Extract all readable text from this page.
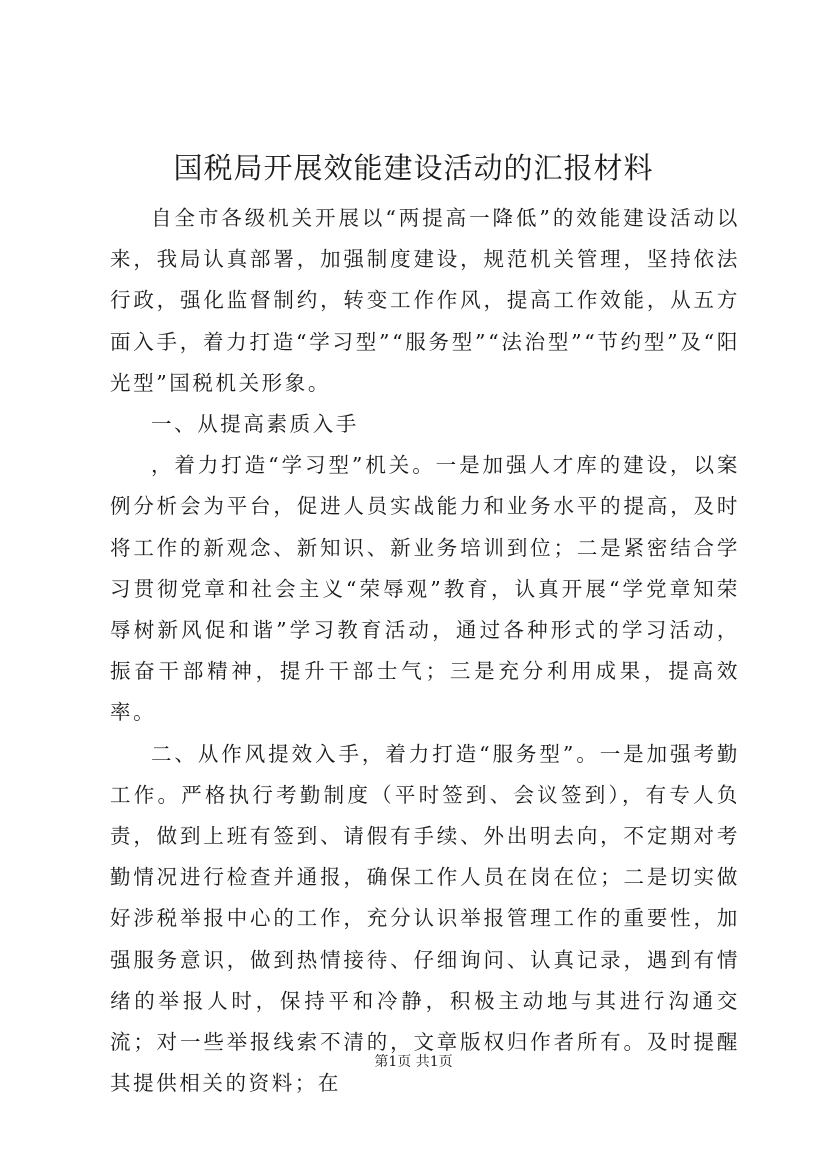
国税局开展效能建设活动的汇报材料

自全市各级机关开展以“两提高一降低”的效能建设活动以来，我局认真部署，加强制度建设，规范机关管理，坚持依法行政，强化监督制约，转变工作作风，提高工作效能，从五方面入手，着力打造“学习型”“服务型”“法治型”“节约型”及“阳光型”国税机关形象。

一、从提高素质入手

，着力打造“学习型”机关。一是加强人才库的建设，以案例分析会为平台，促进人员实战能力和业务水平的提高，及时将工作的新观念、新知识、新业务培训到位；二是紧密结合学习贯彻党章和社会主义“荣辱观”教育，认真开展“学党章知荣辱树新风促和谐”学习教育活动，通过各种形式的学习活动，振奋干部精神，提升干部士气；三是充分利用成果，提高效率。

二、从作风提效入手，着力打造“服务型”。一是加强考勤工作。严格执行考勤制度（平时签到、会议签到），有专人负责，做到上班有签到、请假有手续、外出明去向，不定期对考勤情况进行检查并通报，确保工作人员在岗在位；二是切实做好涉税举报中心的工作，充分认识举报管理工作的重要性，加强服务意识，做到热情接待、仔细询问、认真记录，遇到有情绪的举报人时，保持平和冷静，积极主动地与其进行沟通交流；对一些举报线索不清的，文章版权归作者所有。及时提醒其提供相关的资料；在

第1页 共1页
